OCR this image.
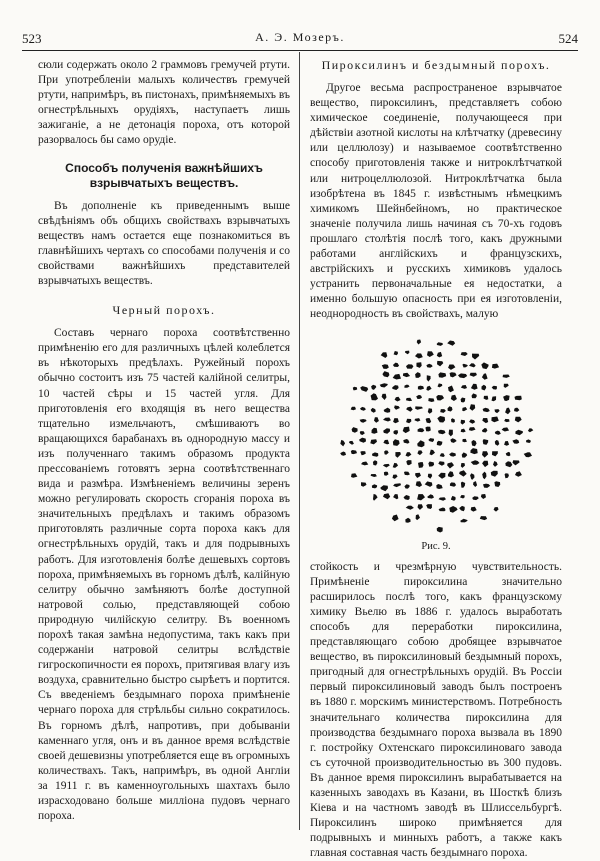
523	А. Э. Мозеръ.	524

сюли содержать около 2 граммовъ гремучей ртути. При употребленіи малыхъ количествъ гремучей ртути, напримѣръ, въ пистонахъ, примѣняемыхъ въ огнестрѣльныхъ орудіяхъ, наступаетъ лишь зажиганіе, а не детонація пороха, отъ которой разорвалось бы само орудіе.

Способъ полученія важнѣйшихъ взрывчатыхъ веществъ.

Въ дополненіе къ приведеннымъ выше свѣдѣніямъ объ общихъ свойствахъ взрывчатыхъ веществъ намъ остается еще познакомиться въ главнѣйшихъ чертахъ со способами полученія и со свойствами важнѣйшихъ представителей взрывчатыхъ веществъ.

Черный порохъ.

Составъ чернаго пороха соотвѣтственно примѣненію его для различныхъ цѣлей колеблется въ нѣкоторыхъ предѣлахъ. Ружейный порохъ обычно состоитъ изъ 75 частей калійной селитры, 10 частей сѣры и 15 частей угля. Для приготовленія его входящія въ него вещества тщательно измельчаютъ, смѣшиваютъ во вращающихся барабанахъ въ однородную массу и изъ полученнаго такимъ образомъ продукта прессованіемъ готовятъ зерна соотвѣтственнаго вида и размѣра. Измѣненіемъ величины зеренъ можно регулировать скорость сгоранія пороха въ значительныхъ предѣлахъ и такимъ образомъ приготовлять различные сорта пороха какъ для огнестрѣльныхъ орудій, такъ и для подрывныхъ работъ. Для изготовленія болѣе дешевыхъ сортовъ пороха, примѣняемыхъ въ горномъ дѣлѣ, калійную селитру обычно замѣняютъ болѣе доступной натровой солью, представляющей собою природную чилійскую селитру. Въ военномъ порохѣ такая замѣна недопустима, такъ какъ при содержаніи натровой селитры вслѣдствіе гигроскопичности ея порохъ, притягивая влагу изъ воздуха, сравнительно быстро сырѣетъ и портится. Съ введеніемъ бездымнаго пороха примѣненіе чернаго пороха для стрѣльбы сильно сократилось. Въ горномъ дѣлѣ, напротивъ, при добываніи каменнаго угля, онъ и въ данное время вслѣдствіе своей дешевизны употребляется еще въ огромныхъ количествахъ. Такъ, напримѣръ, въ одной Англіи за 1911 г. въ каменноугольныхъ шахтахъ было израсходовано больше милліона пудовъ чернаго пороха.

Пироксилинъ и бездымный порохъ.

Другое весьма распространеное взрывчатое вещество, пироксилинъ, представляетъ собою химическое соединеніе, получающееся при дѣйствіи азотной кислоты на клѣтчатку (древесину или целлюлозу) и называемое соотвѣтственно способу приготовленія также и нитроклѣтчаткой или нитроцеллюлозой. Нитроклѣтчатка была изобрѣтена въ 1845 г. извѣстнымъ нѣмецкимъ химикомъ Шейнбейномъ, но практическое значеніе получила лишь начиная съ 70-хъ годовъ прошлаго столѣтія послѣ того, какъ дружными работами англійскихъ и французскихъ, австрійскихъ и русскихъ химиковъ удалось устранить первоначальные ея недостатки, а именно большую опасность при ея изготовленіи, неоднородность въ свойствахъ, малую

Рис. 9.

стойкость и чрезмѣрную чувствительность. Примѣненіе пироксилина значительно расширилось послѣ того, какъ французскому химику Вьелю въ 1886 г. удалось выработать способъ для переработки пироксилина, представляющаго собою дробящее взрывчатое вещество, въ пироксилиновый бездымный порохъ, пригодный для огнестрѣльныхъ орудій. Въ Россіи первый пироксилиновый заводъ былъ построенъ въ 1880 г. морскимъ министерствомъ. Потребность значительнаго количества пироксилина для производства бездымнаго пороха вызвала въ 1890 г. постройку Охтенскаго пироксилиноваго завода съ суточной производительностью въ 300 пудовъ. Въ данное время пироксилинъ вырабатывается на казенныхъ заводахъ въ Казани, въ Шосткѣ близъ Кіева и на частномъ заводѣ въ Шлиссельбургѣ. Пироксилинъ широко примѣняется для подрывныхъ и минныхъ работъ, а также какъ главная составная часть бездымнаго пороха.
